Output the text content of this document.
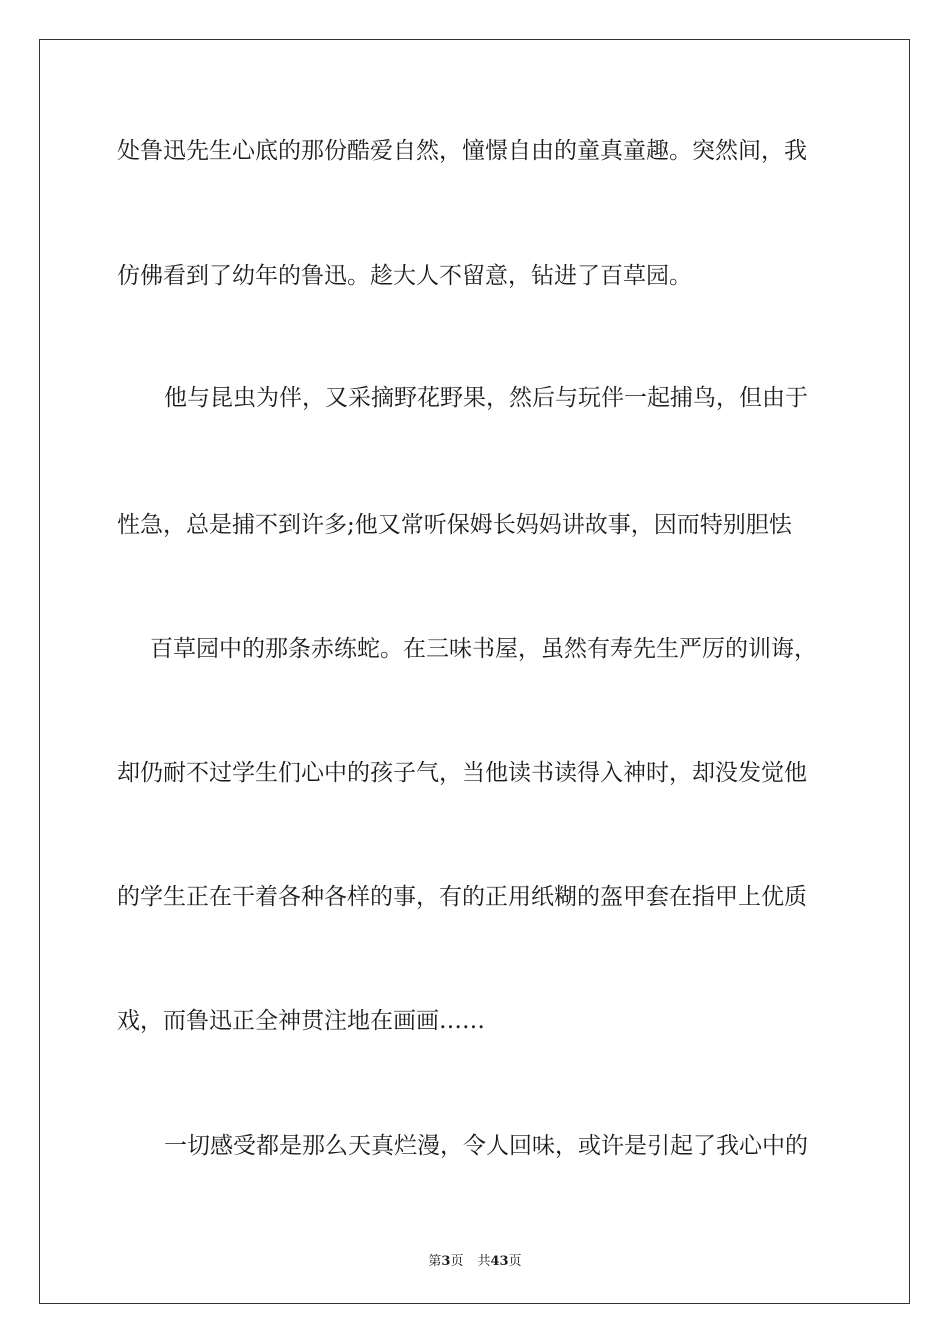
处鲁迅先生心底的那份酷爱自然，憧憬自由的童真童趣。突然间，我
仿佛看到了幼年的鲁迅。趁大人不留意，钻进了百草园。
他与昆虫为伴，又采摘野花野果，然后与玩伴一起捕鸟，但由于
性急，总是捕不到许多;他又常听保姆长妈妈讲故事，因而特别胆怯
百草园中的那条赤练蛇。在三味书屋，虽然有寿先生严厉的训诲，
却仍耐不过学生们心中的孩子气，当他读书读得入神时，却没发觉他
的学生正在干着各种各样的事，有的正用纸糊的盔甲套在指甲上优质
戏，而鲁迅正全神贯注地在画画……
一切感受都是那么天真烂漫，令人回味，或许是引起了我心中的
第3页 共43页
